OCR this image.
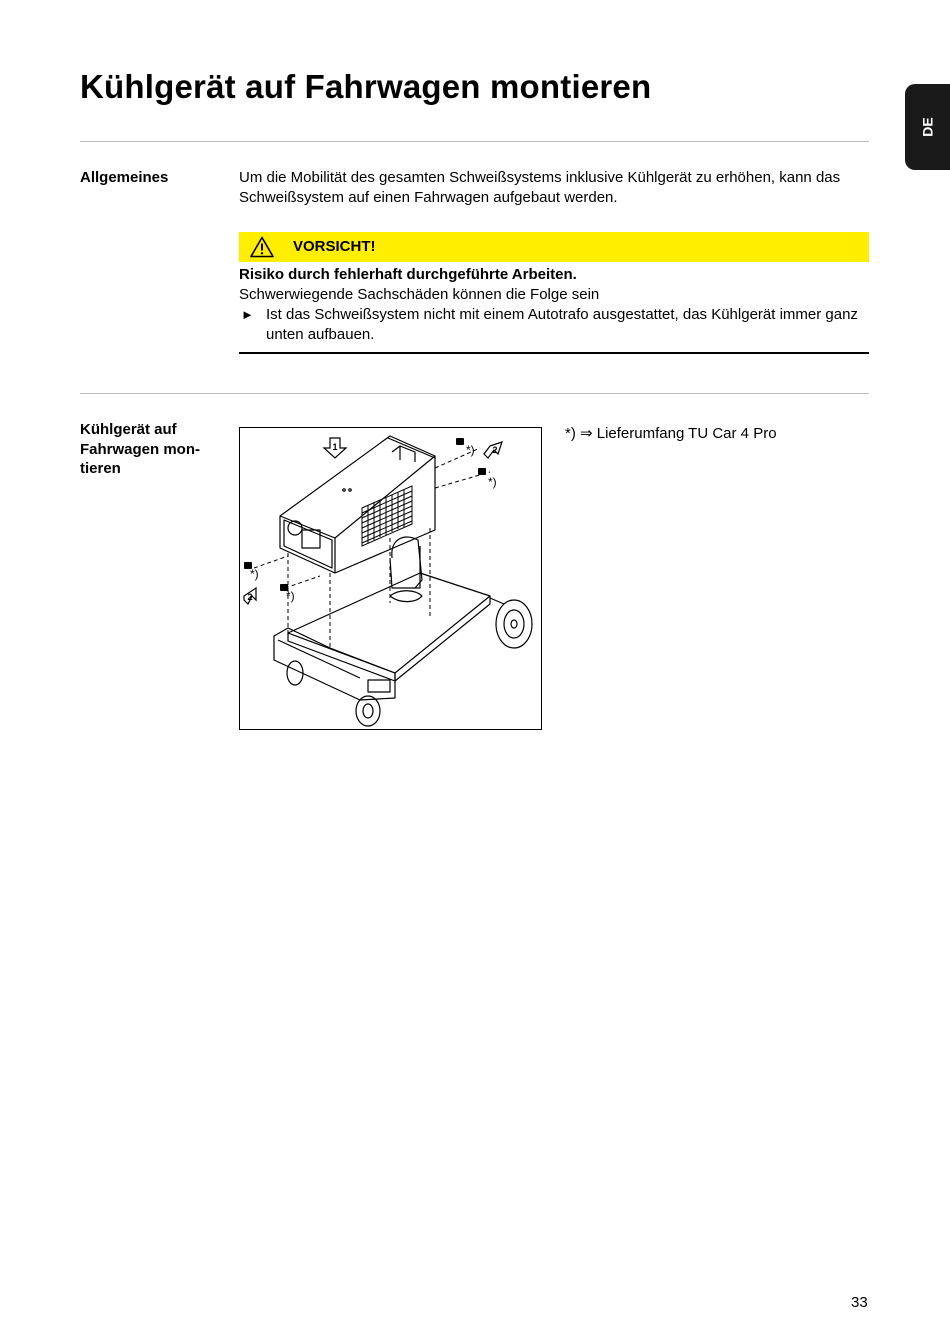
Kühlgerät auf Fahrwagen montieren
DE
Allgemeines	Um die Mobilität des gesamten Schweißsystems inklusive Kühlgerät zu erhöhen, kann das Schweißsystem auf einen Fahrwagen aufgebaut werden.
VORSICHT!
Risiko durch fehlerhaft durchgeführte Arbeiten.
Schwerwiegende Sachschäden können die Folge sein
► Ist das Schweißsystem nicht mit einem Autotrafo ausgestattet, das Kühlgerät immer ganz unten aufbauen.
Kühlgerät auf
Fahrwagen mon-
tieren
1	2
2
*)
*)
*)
*)
*) ⇒ Lieferumfang TU Car 4 Pro
33
